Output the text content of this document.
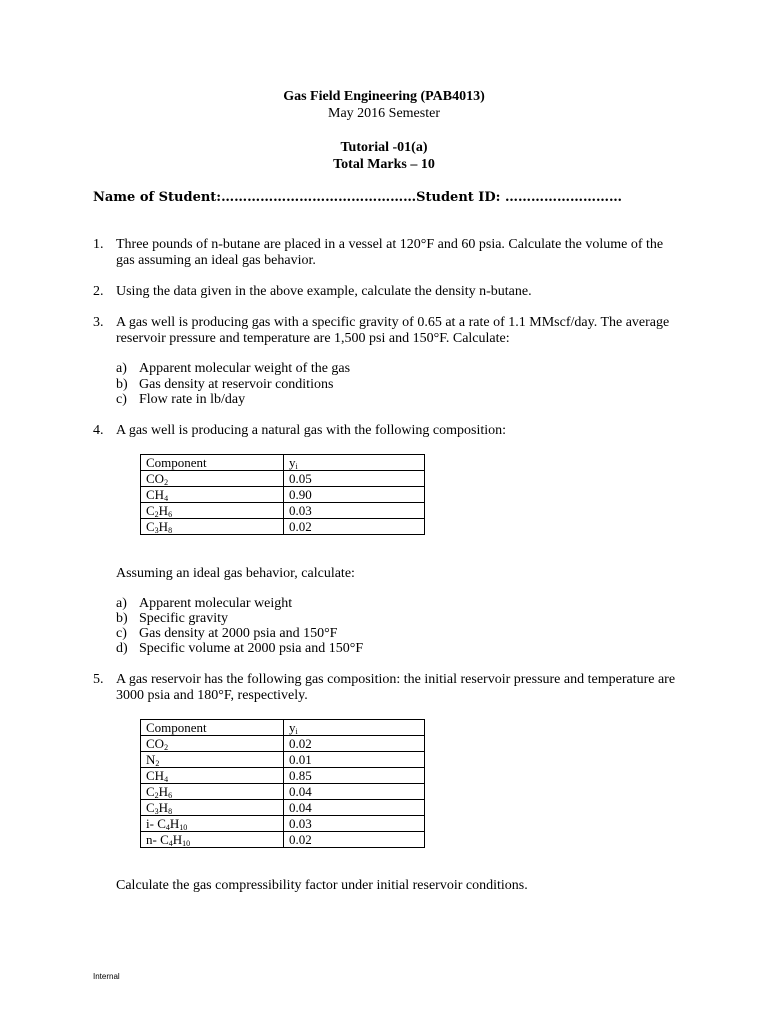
Gas Field Engineering (PAB4013)
May 2016 Semester
Tutorial -01(a)
Total Marks – 10
Name of Student:………………………………………Student ID: ………………………
1. Three pounds of n-butane are placed in a vessel at 120°F and 60 psia. Calculate the volume of the gas assuming an ideal gas behavior.
2. Using the data given in the above example, calculate the density n-butane.
3. A gas well is producing gas with a specific gravity of 0.65 at a rate of 1.1 MMscf/day. The average reservoir pressure and temperature are 1,500 psi and 150°F. Calculate:
a) Apparent molecular weight of the gas
b) Gas density at reservoir conditions
c) Flow rate in lb/day
4. A gas well is producing a natural gas with the following composition:
Component	$y_i$
$CO_2$	0.05
$CH_4$	0.90
$C_2H_6$	0.03
$C_3H_8$	0.02
Assuming an ideal gas behavior, calculate:
a) Apparent molecular weight
b) Specific gravity
c) Gas density at 2000 psia and 150°F
d) Specific volume at 2000 psia and 150°F
5. A gas reservoir has the following gas composition: the initial reservoir pressure and temperature are 3000 psia and 180°F, respectively.
Component	$y_i$
$CO_2$	0.02
$N_2$	0.01
$CH_4$	0.85
$C_2H_6$	0.04
$C_3H_8$	0.04
i- $C_4H_{10}$	0.03
n- $C_4H_{10}$	0.02
Calculate the gas compressibility factor under initial reservoir conditions.
Internal
